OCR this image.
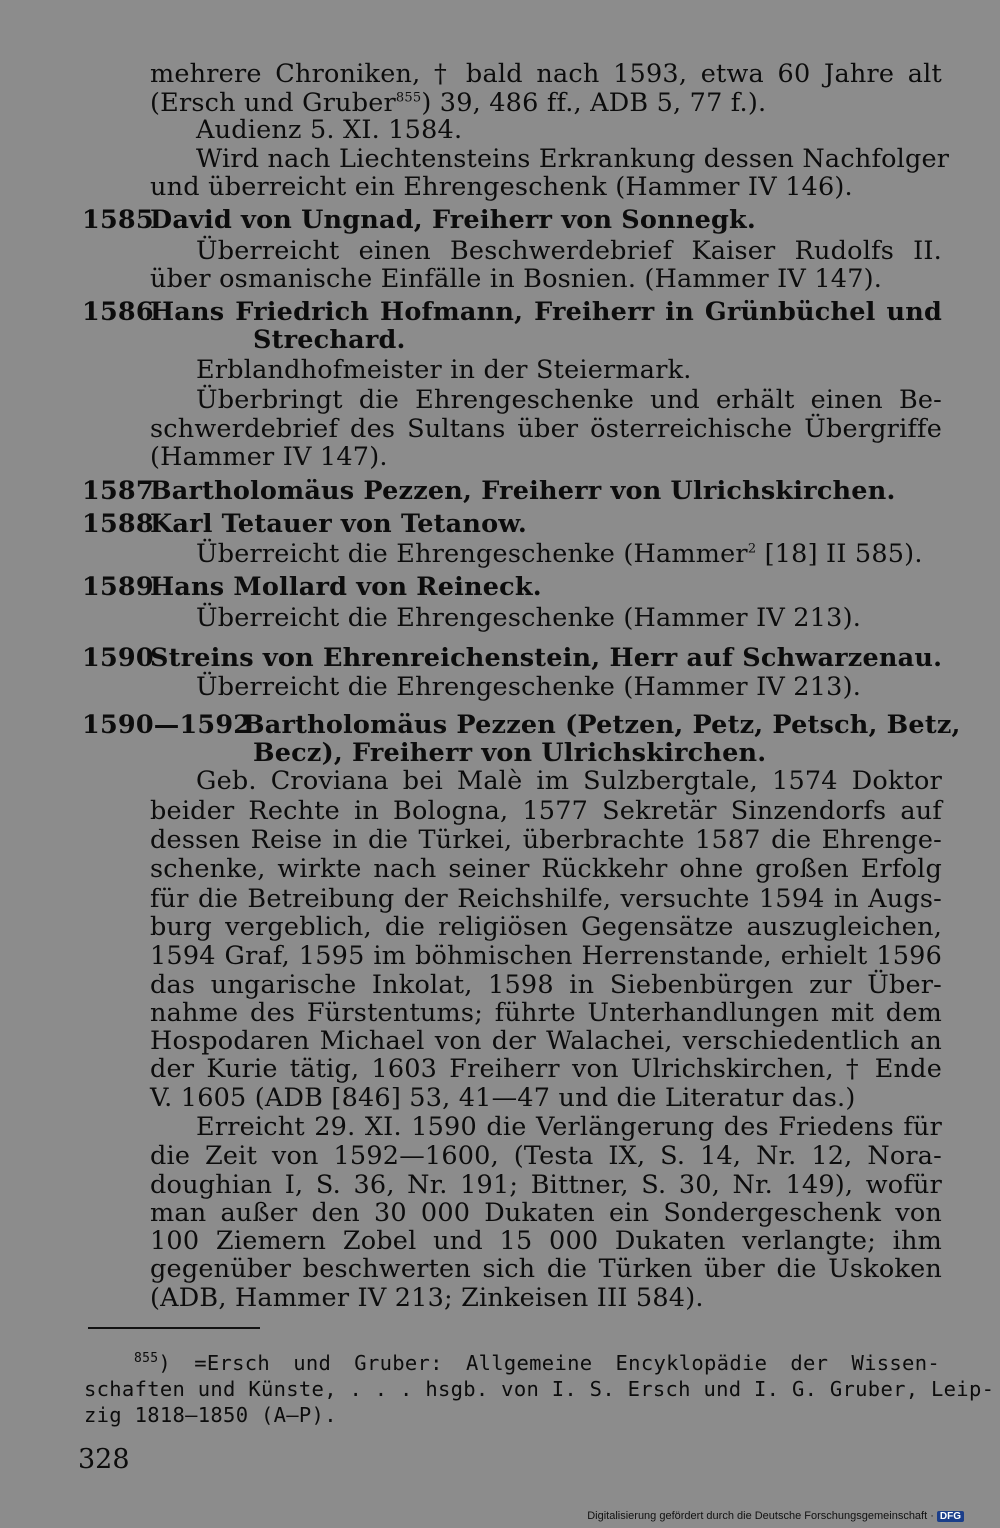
mehrere Chroniken, † bald nach 1593, etwa 60 Jahre alt
(Ersch und Gruber$^{855}$) 39, 486 ff., ADB 5, 77 f.).
Audienz 5. XI. 1584.
Wird nach Liechtensteins Erkrankung dessen Nachfolger
und überreicht ein Ehrengeschenk (Hammer IV 146).
1585
David von Ungnad, Freiherr von Sonnegk.
Überreicht einen Beschwerdebrief Kaiser Rudolfs II.
über osmanische Einfälle in Bosnien. (Hammer IV 147).
1586
Hans Friedrich Hofmann, Freiherr in Grünbüchel und
Strechard.
Erblandhofmeister in der Steiermark.
Überbringt die Ehrengeschenke und erhält einen Be-
schwerdebrief des Sultans über österreichische Übergriffe
(Hammer IV 147).
1587
Bartholomäus Pezzen, Freiherr von Ulrichskirchen.
1588
Karl Tetauer von Tetanow.
Überreicht die Ehrengeschenke (Hammer$^2$ [18] II 585).
1589
Hans Mollard von Reineck.
Überreicht die Ehrengeschenke (Hammer IV 213).
1590
Streins von Ehrenreichenstein, Herr auf Schwarzenau.
Überreicht die Ehrengeschenke (Hammer IV 213).
1590—1592
Bartholomäus Pezzen (Petzen, Petz, Petsch, Betz,
Becz), Freiherr von Ulrichskirchen.
Geb. Croviana bei Malè im Sulzbergtale, 1574 Doktor
beider Rechte in Bologna, 1577 Sekretär Sinzendorfs auf
dessen Reise in die Türkei, überbrachte 1587 die Ehrenge-
schenke, wirkte nach seiner Rückkehr ohne großen Erfolg
für die Betreibung der Reichshilfe, versuchte 1594 in Augs-
burg vergeblich, die religiösen Gegensätze auszugleichen,
1594 Graf, 1595 im böhmischen Herrenstande, erhielt 1596
das ungarische Inkolat, 1598 in Siebenbürgen zur Über-
nahme des Fürstentums; führte Unterhandlungen mit dem
Hospodaren Michael von der Walachei, verschiedentlich an
der Kurie tätig, 1603 Freiherr von Ulrichskirchen, † Ende
V. 1605 (ADB [846] 53, 41—47 und die Literatur das.)
Erreicht 29. XI. 1590 die Verlängerung des Friedens für
die Zeit von 1592—1600, (Testa IX, S. 14, Nr. 12, Nora-
doughian I, S. 36, Nr. 191; Bittner, S. 30, Nr. 149), wofür
man außer den 30 000 Dukaten ein Sondergeschenk von
100 Ziemern Zobel und 15 000 Dukaten verlangte; ihm
gegenüber beschwerten sich die Türken über die Uskoken
(ADB, Hammer IV 213; Zinkeisen III 584).
$^{855}$) =Ersch und Gruber: Allgemeine Encyklopädie der Wissen-
schaften und Künste, . . . hsgb. von I. S. Ersch und I. G. Gruber, Leip-
zig 1818—1850 (A—P).
328
Digitalisierung gefördert durch die Deutsche Forschungsgemeinschaft · DFG
